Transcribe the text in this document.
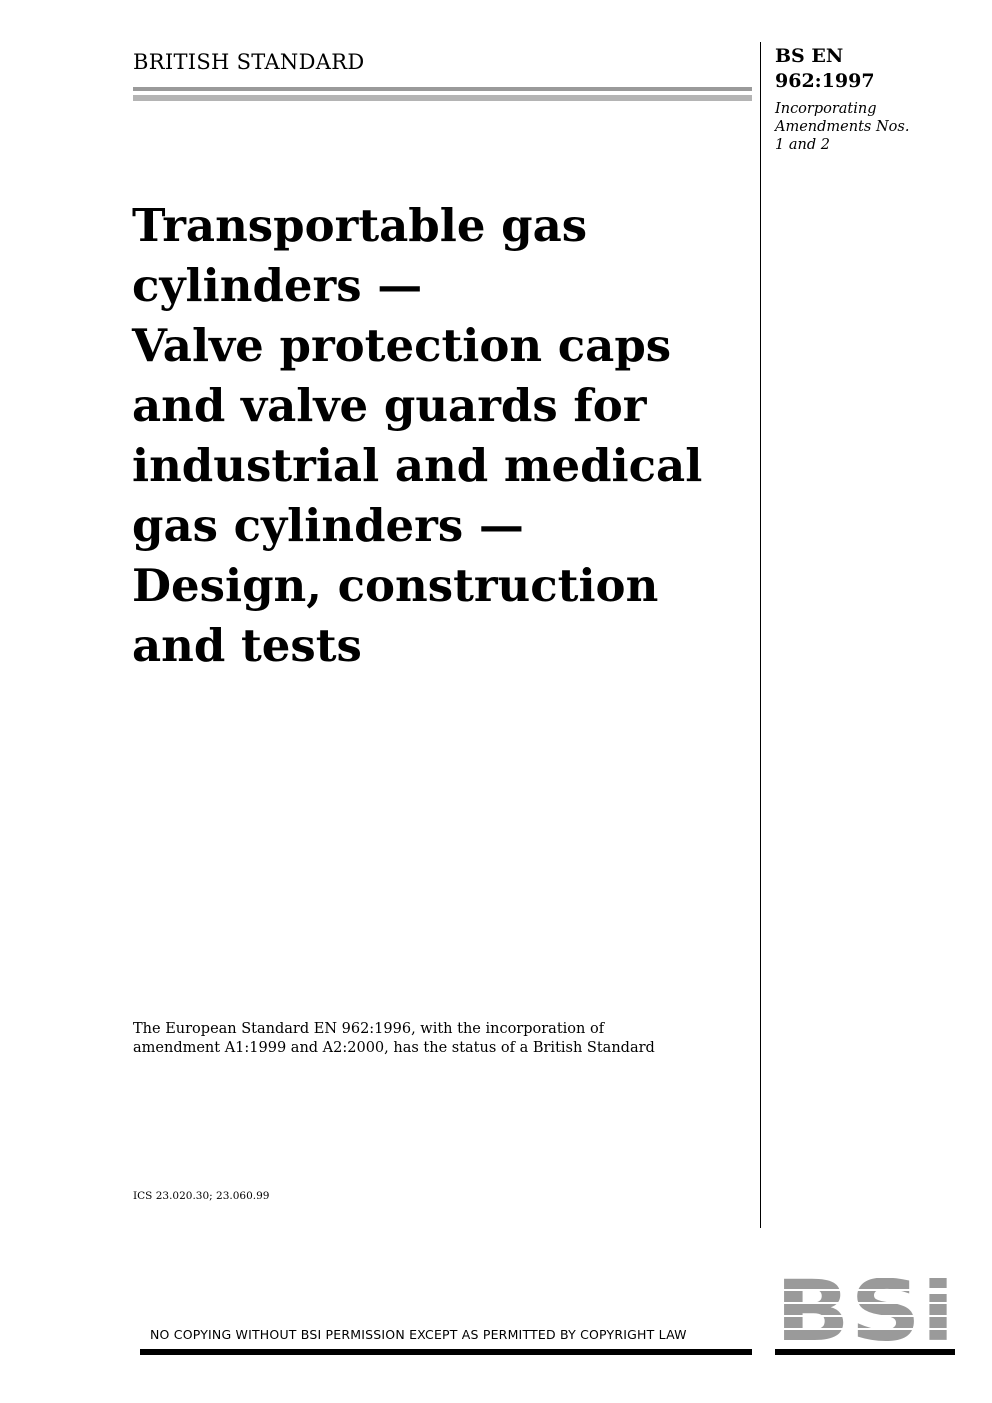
BRITISH STANDARD	BS EN
962:1997
Incorporating
Amendments Nos.
1 and 2
Transportable gas
cylinders —
Valve protection caps
and valve guards for
industrial and medical
gas cylinders —
Design, construction
and tests
The European Standard EN 962:1996, with the incorporation of
amendment A1:1999 and A2:2000, has the status of a British Standard
ICS 23.020.30; 23.060.99
NO COPYING WITHOUT BSI PERMISSION EXCEPT AS PERMITTED BY COPYRIGHT LAW
